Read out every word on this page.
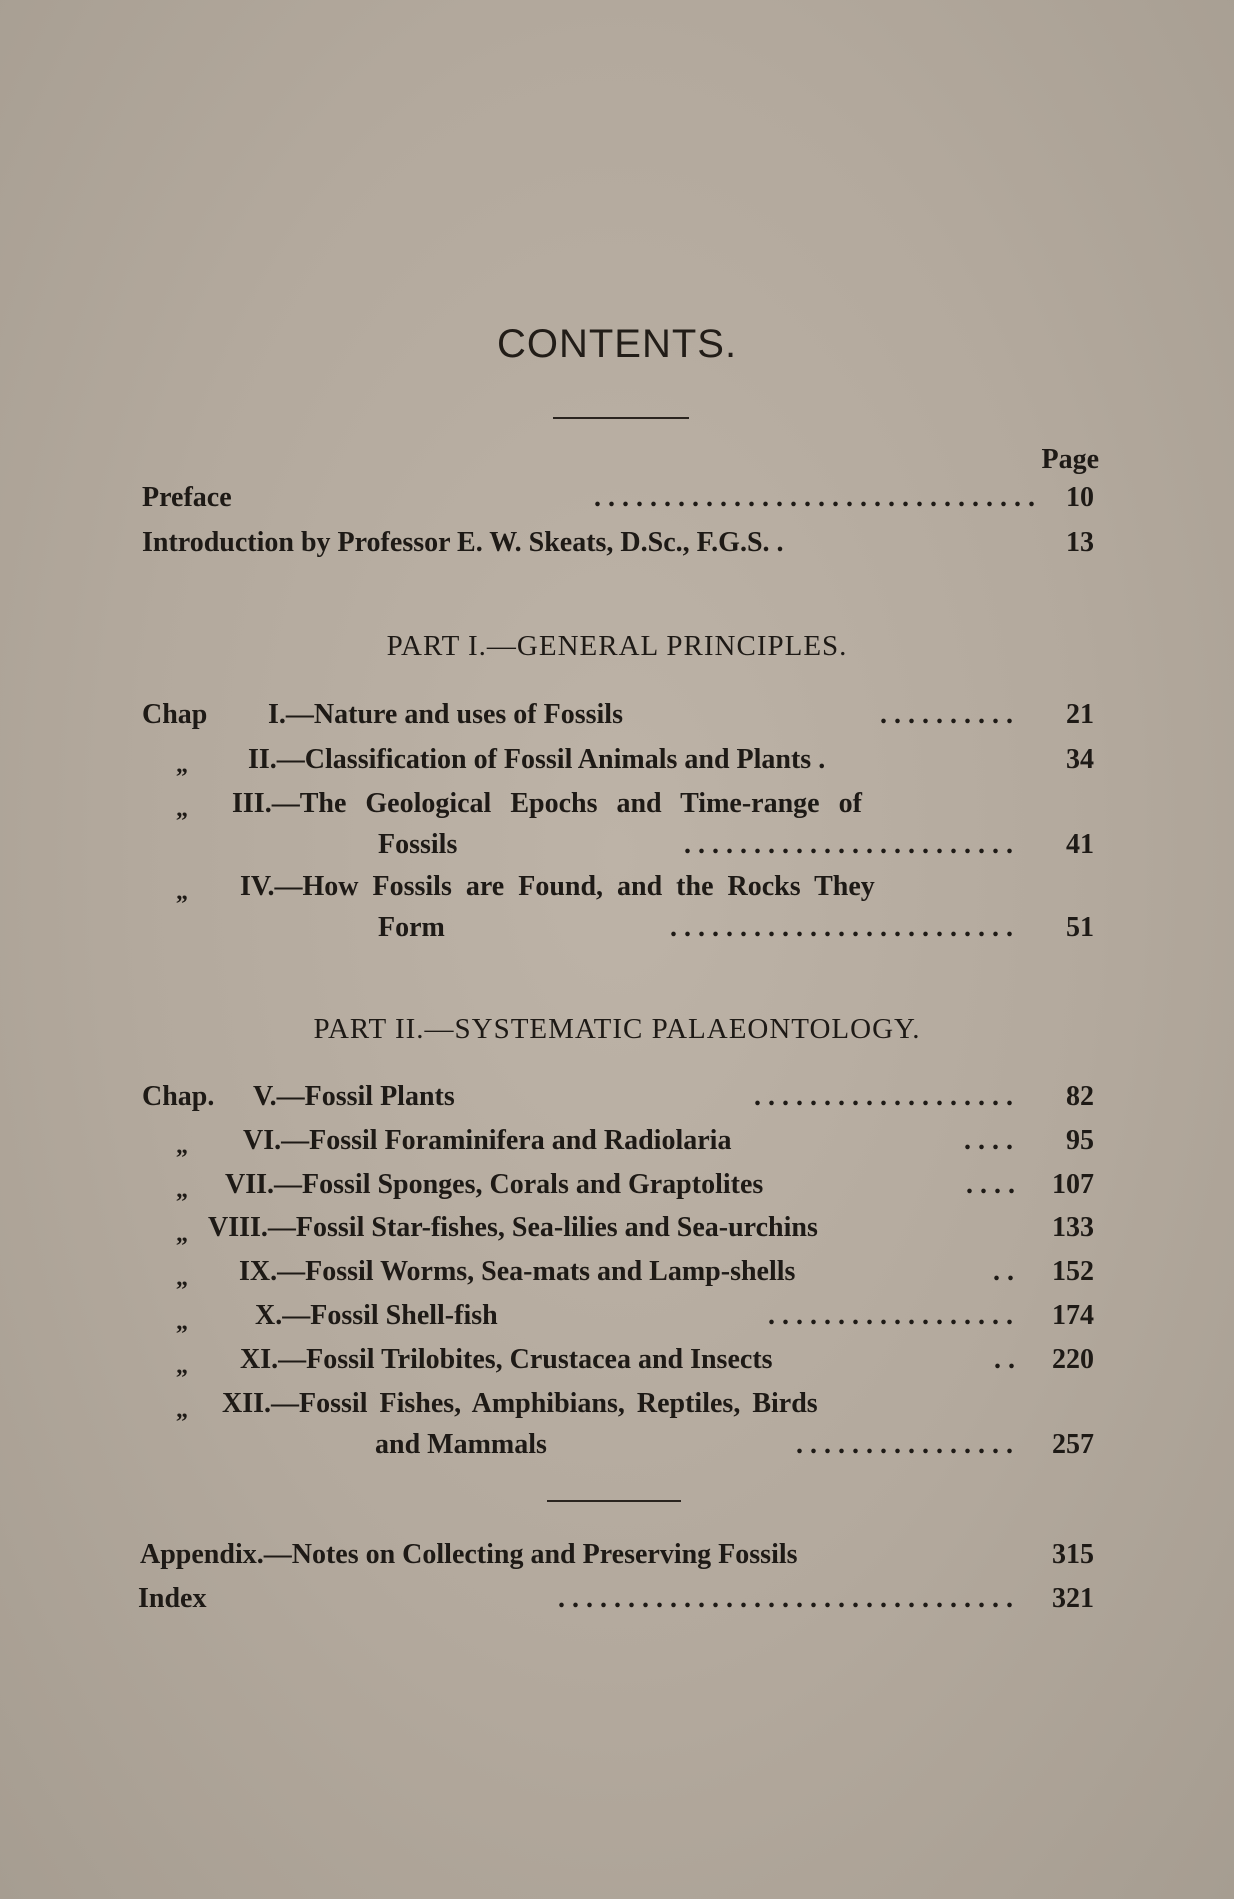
CONTENTS.
Page
Preface	. . . . . . . . . . . . . . . . . . . . . . . . . . . . . . . .	10
Introduction by Professor E. W. Skeats, D.Sc., F.G.S. .	13
PART I.—GENERAL PRINCIPLES.
Chap I.—Nature and uses of Fossils	. . . . . . . . . .	21
„ II.—Classification of Fossil Animals and Plants .	34
„ III.—The Geological Epochs and Time-range of
Fossils	. . . . . . . . . . . . . . . . . . . . . . . .	41
„ IV.—How Fossils are Found, and the Rocks They
Form	. . . . . . . . . . . . . . . . . . . . . . . . .	51
PART II.—SYSTEMATIC PALAEONTOLOGY.
Chap. V.—Fossil Plants	. . . . . . . . . . . . . . . . . . .	82
„ VI.—Fossil Foraminifera and Radiolaria	. . . .	95
„ VII.—Fossil Sponges, Corals and Graptolites	. . . .	107
„ VIII.—Fossil Star-fishes, Sea-lilies and Sea-urchins	133
„ IX.—Fossil Worms, Sea-mats and Lamp-shells	. .	152
„ X.—Fossil Shell-fish	. . . . . . . . . . . . . . . . . .	174
„ XI.—Fossil Trilobites, Crustacea and Insects	. .	220
„ XII.—Fossil Fishes, Amphibians, Reptiles, Birds
and Mammals	. . . . . . . . . . . . . . . .	257
Appendix.—Notes on Collecting and Preserving Fossils	315
Index	. . . . . . . . . . . . . . . . . . . . . . . . . . . . . . . . .	321
